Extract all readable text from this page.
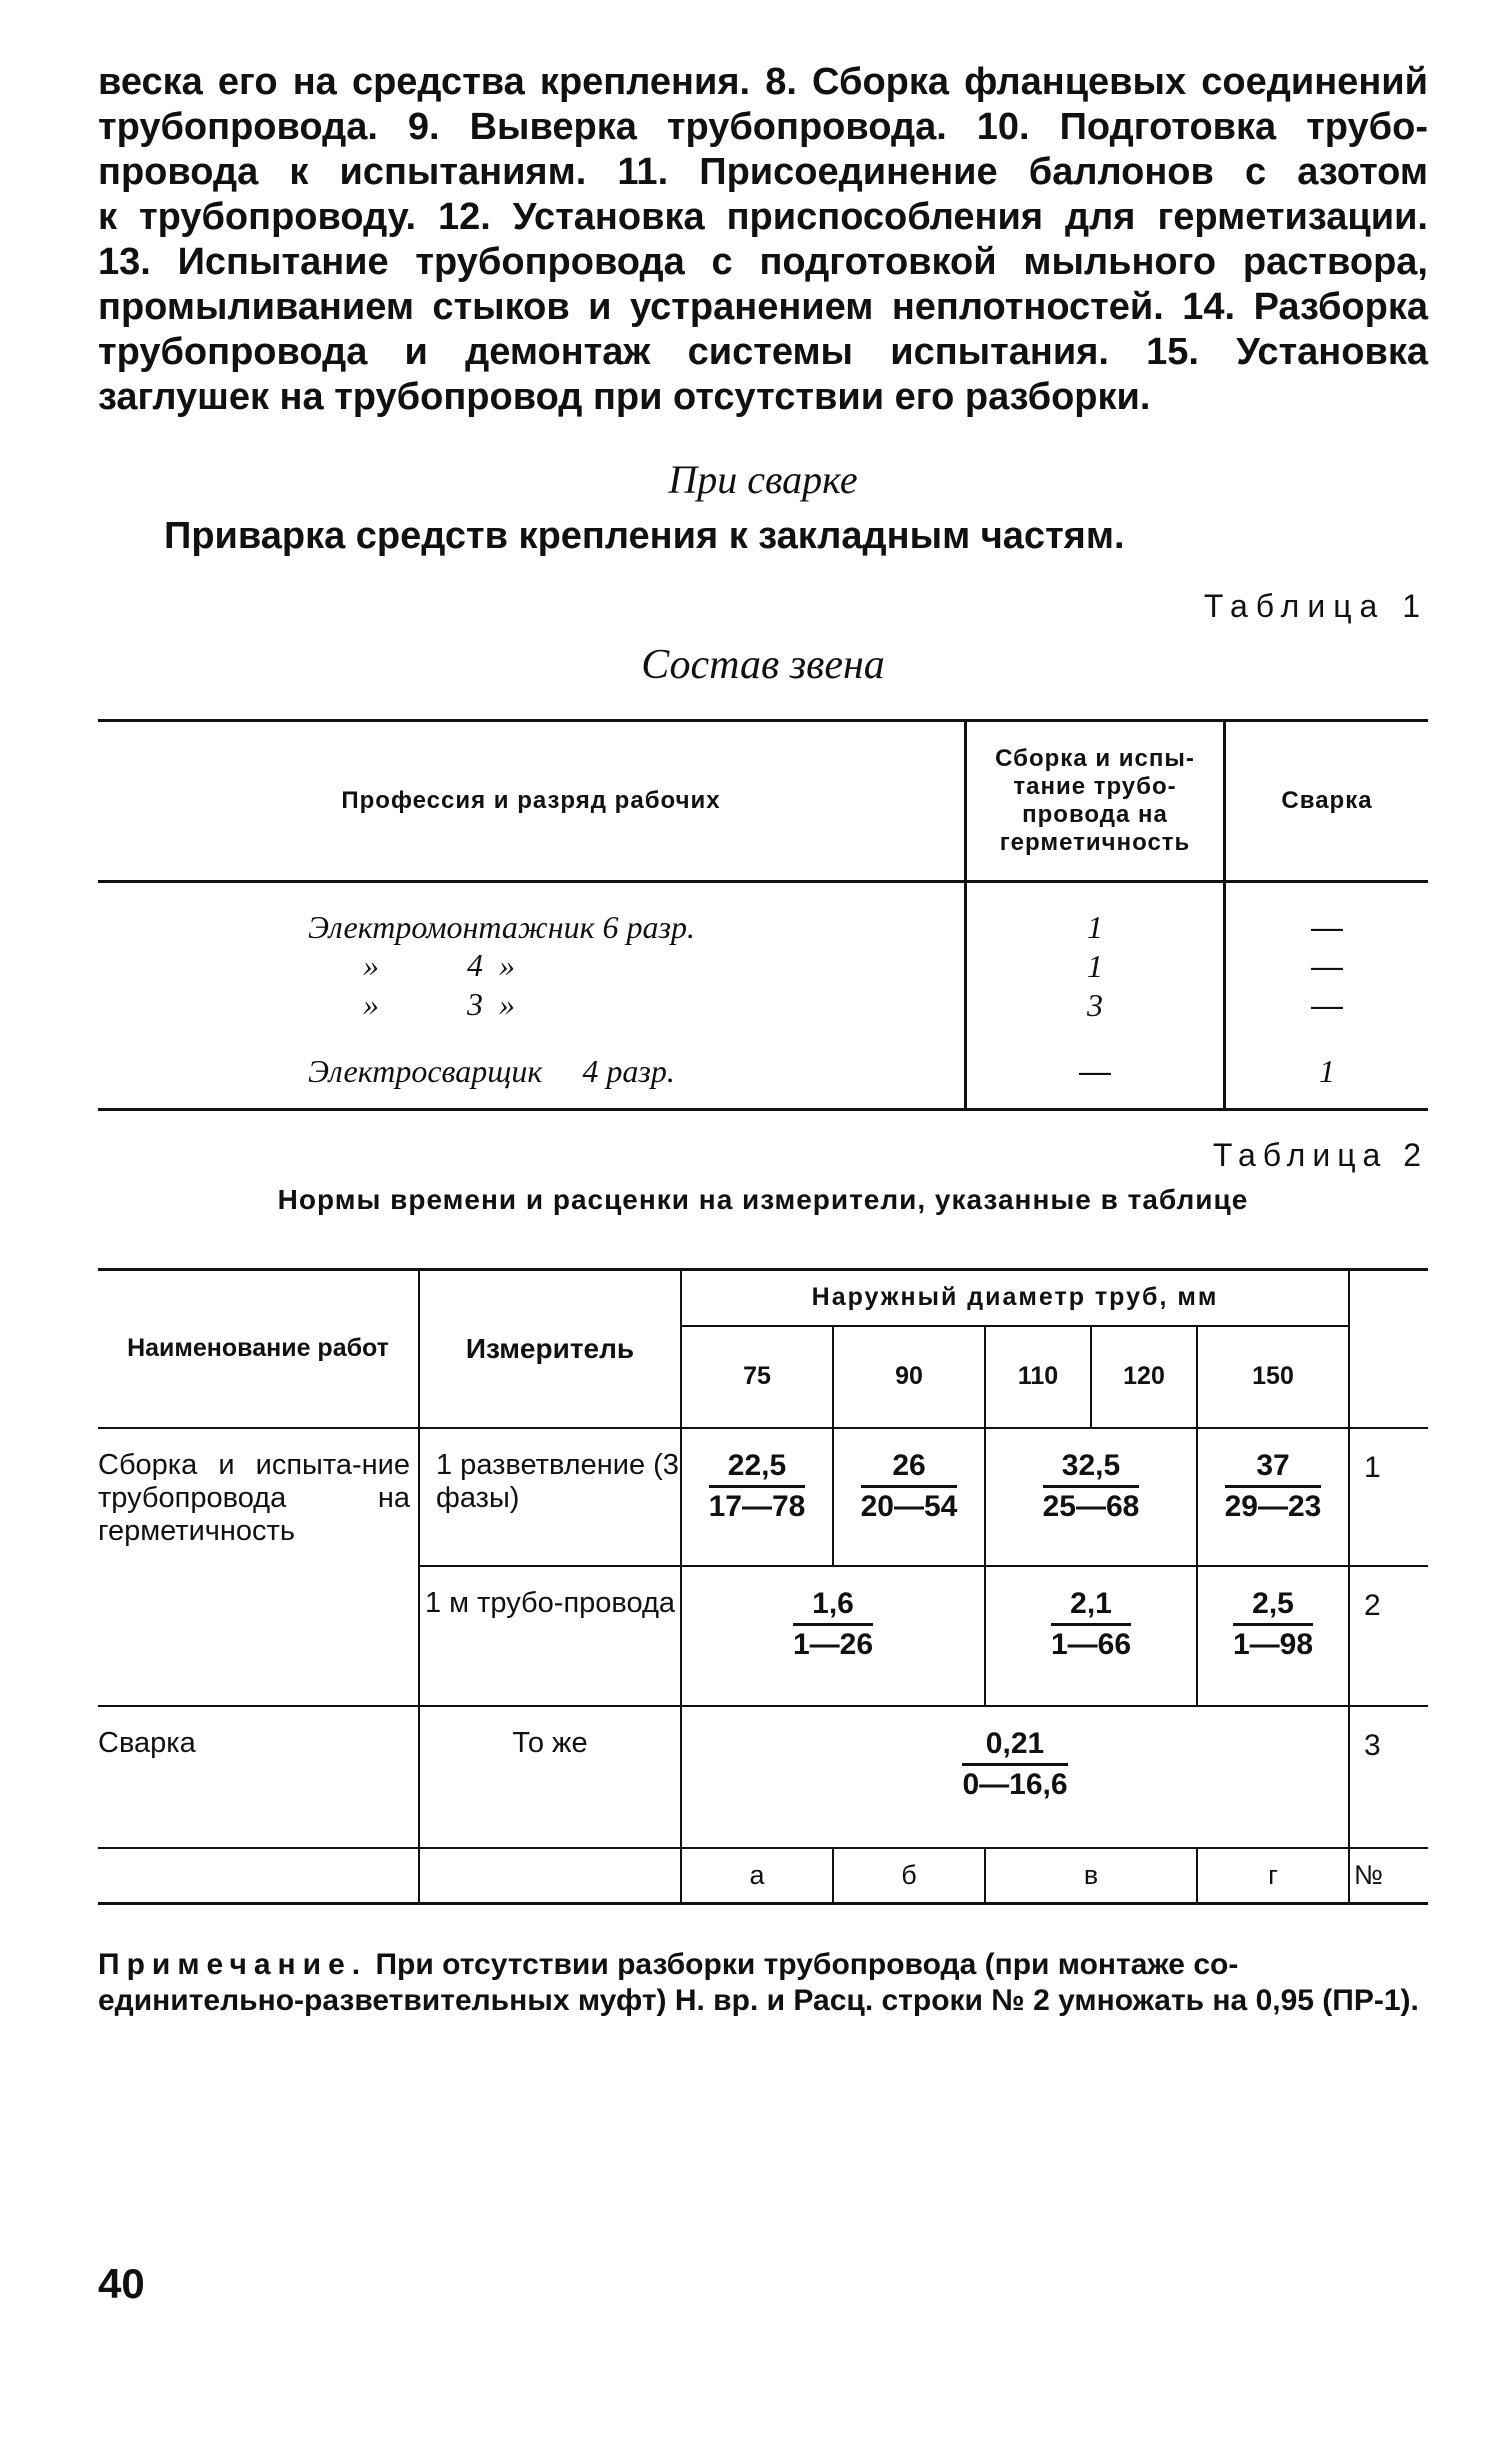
веска его на средства крепления. 8. Сборка фланцевых соединений
трубопровода. 9. Выверка трубопровода. 10. Подготовка трубо-
провода к испытаниям. 11. Присоединение баллонов с азотом
к трубопроводу. 12. Установка приспособления для герметизации.
13. Испытание трубопровода с подготовкой мыльного раствора,
промыливанием стыков и устранением неплотностей. 14. Разборка
трубопровода и демонтаж системы испытания. 15. Установка
заглушек на трубопровод при отсутствии его разборки.
При сварке

Приварка средств крепления к закладным частям.

Таблица 1
Состав звена
Профессия и разряд рабочих	Сборка и испы-тание трубо-провода на герметичность	Сварка
Электромонтажник 6 разр.	1	—
»           4  »	1	—
»           3  »	3	—
Электросварщик     4 разр.	—	1
Таблица 2
Нормы времени и расценки на измерители, указанные в таблице
Наименование работ	Измеритель	Наружный диаметр труб, мм					
		75	90	110	120	150	
Сборка и испыта-ние трубопровода на герметичность	1 разветвление (3 фазы)	$\frac{22,5}{17—78}$	$\frac{26}{20—54}$	$\frac{32,5}{25—68}$		$\frac{37}{29—23}$	1
	1 м трубо-провода	$\frac{1,6}{1—26}$		$\frac{2,1}{1—66}$		$\frac{2,5}{1—98}$	2
Сварка	То же	$\frac{0,21}{0—16,6}$					3
		а	б	в		г	№

Примечание. При отсутствии разборки трубопровода (при монтаже со-единительно-разветвительных муфт) Н. вр. и Расц. строки № 2 умножать на 0,95 (ПР-1).

40
